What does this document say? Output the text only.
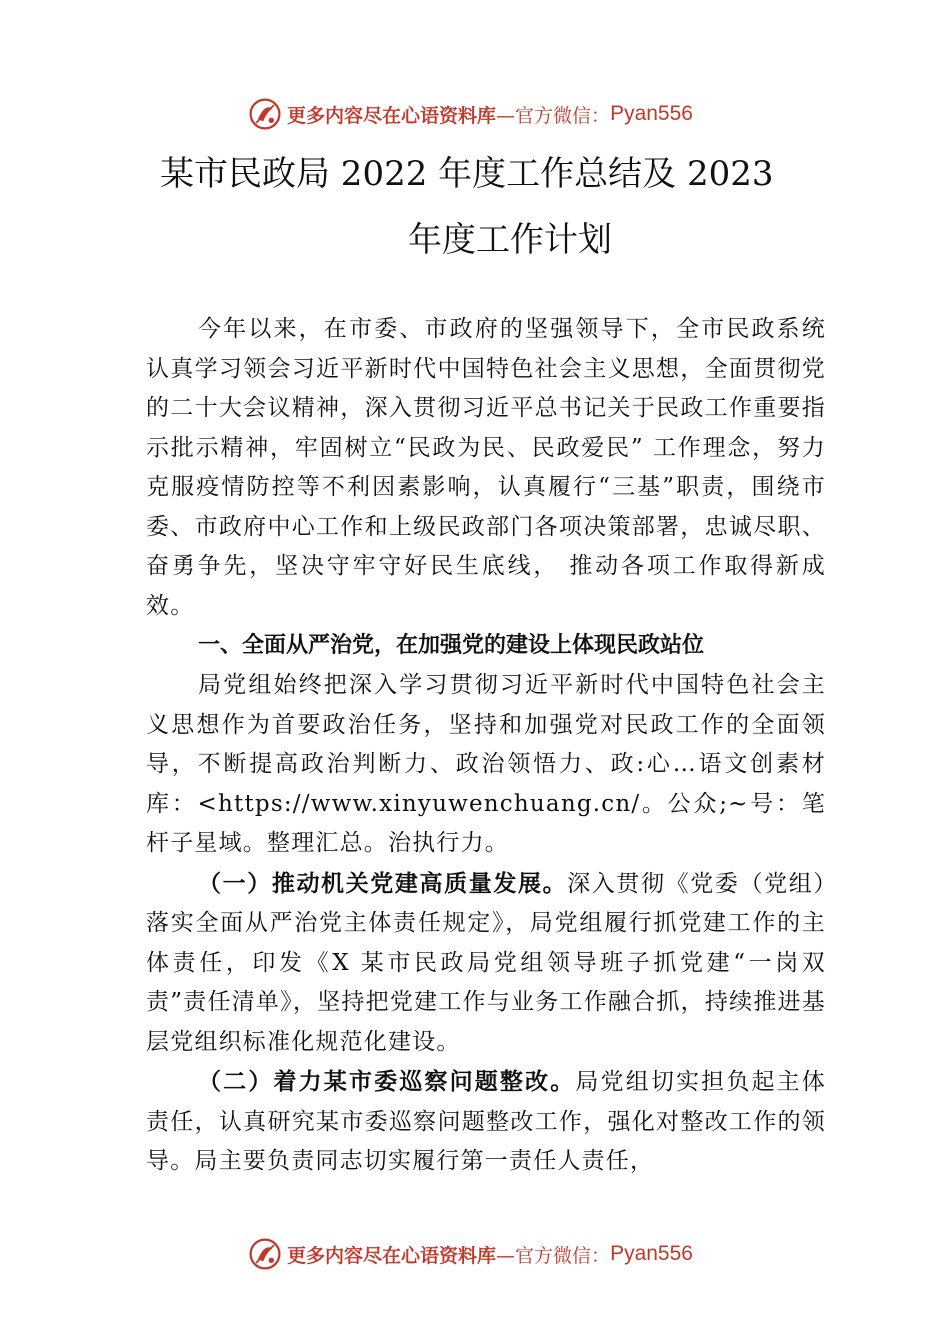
更多内容尽在心语资料库 —官方微信： Pyan556
某市民政局 2022 年度工作总结及 2023
年度工作计划

今年以来，在市委、市政府的坚强领导下，全市民政系统认真学习领会习近平新时代中国特色社会主义思想，全面贯彻党的二十大会议精神，深入贯彻习近平总书记关于民政工作重要指示批示精神，牢固树立“民政为民、民政爱民” 工作理念，努力克服疫情防控等不利因素影响，认真履行“三基”职责，围绕市委、市政府中心工作和上级民政部门各项决策部署，忠诚尽职、奋勇争先，坚决守牢守好民生底线， 推动各项工作取得新成效。

一、全面从严治党，在加强党的建设上体现民政站位

局党组始终把深入学习贯彻习近平新时代中国特色社会主义思想作为首要政治任务，坚持和加强党对民政工作的全面领导，不断提高政治判断力、政治领悟力、政:心…语文创素材库：<https://www.xinyuwenchuang.cn/。公众;~号：笔杆子星域。整理汇总。治执行力。

（一）推动机关党建高质量发展。深入贯彻《党委（党组）落实全面从严治党主体责任规定》，局党组履行抓党建工作的主体责任，印发《X 某市民政局党组领导班子抓党建“一岗双责”责任清单》，坚持把党建工作与业务工作融合抓，持续推进基层党组织标准化规范化建设。

（二）着力某市委巡察问题整改。局党组切实担负起主体责任，认真研究某市委巡察问题整改工作，强化对整改工作的领导。局主要负责同志切实履行第一责任人责任，

更多内容尽在心语资料库 —官方微信： Pyan556
